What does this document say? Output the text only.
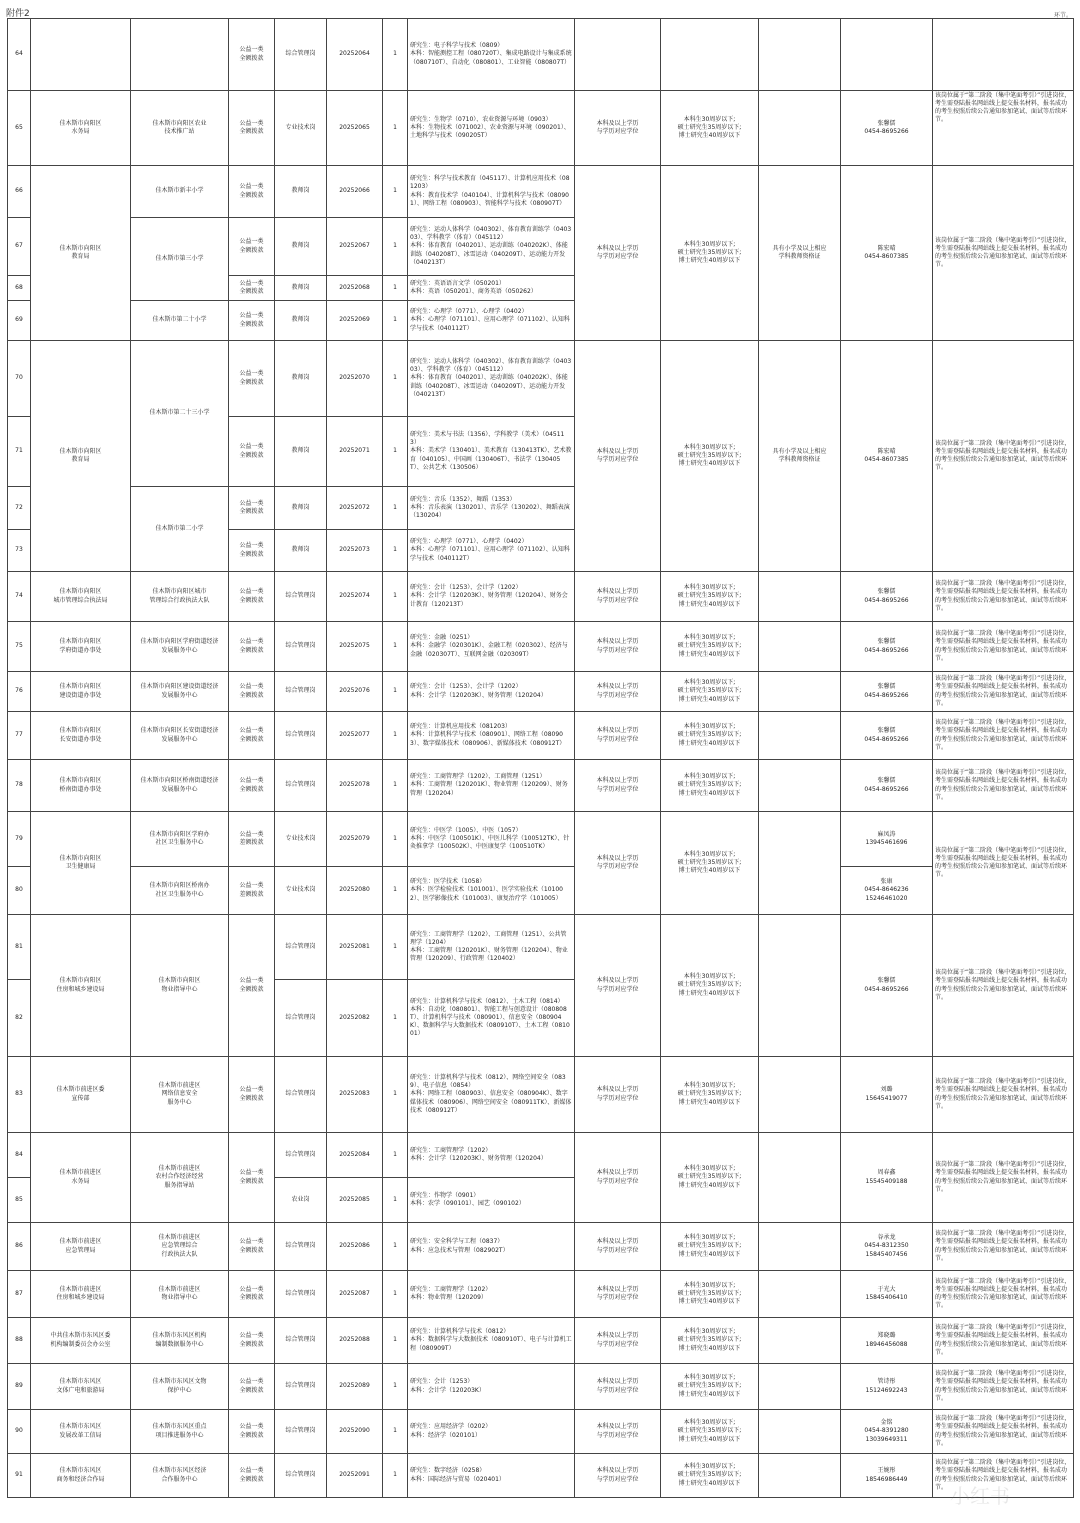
附件2	环节。
64			公益一类
全额拨款	综合管理岗	20252064	1	研究生：电子科学与技术（0809）
本科：智能测控工程（080720T）、集成电路设计与集成系统（080710T）、自动化（080801）、工业智能（080807T）					
65	佳木斯市向阳区
水务局	佳木斯市向阳区农业
技术推广站	公益一类
全额拨款	专业技术岗	20252065	1	研究生：生物学（0710）、农业资源与环境（0903）
本科：生物技术（071002）、农业资源与环境（090201）、土地科学与技术（090205T）	本科及以上学历
与学历对应学位	本科生30周岁以下;
硕士研究生35周岁以下;
博士研究生40周岁以下		张馨儒
0454-8695266	该岗位属于“第二阶段（集中笔面考引）”引进岗位，考生需登陆报名网站线上提交报名材料，报名成功的考生按照后续公告通知参加笔试、面试等后续环节。
66	佳木斯市向阳区
教育局	佳木斯市新丰小学	公益一类
全额拨款	教师岗	20252066	1	研究生：科学与技术教育（045117）、计算机应用技术（081203）
本科：教育技术学（040104）、计算机科学与技术（080901）、网络工程（080903）、智能科学与技术（080907T）	本科及以上学历
与学历对应学位	本科生30周岁以下;
硕士研究生35周岁以下;
博士研究生40周岁以下	具有小学及以上相应
学科教师资格证	陈宏晴
0454-8607385	该岗位属于“第二阶段（集中笔面考引）”引进岗位，考生需登陆报名网站线上提交报名材料，报名成功的考生按照后续公告通知参加笔试、面试等后续环节。
67		佳木斯市第三小学	公益一类
全额拨款	教师岗	20252067	1	研究生：运动人体科学（040302）、体育教育训练学（040303）、学科教学（体育）（045112）
本科：体育教育（040201）、运动训练（040202K）、体能训练（040208T）、冰雪运动（040209T）、运动能力开发（040213T）					
68			公益一类
全额拨款	教师岗	20252068	1	研究生：英语语言文学（050201）
本科：英语（050201）、商务英语（050262）					
69		佳木斯市第二十小学	公益一类
全额拨款	教师岗	20252069	1	研究生：心理学（0771）、心理学（0402）
本科：心理学（071101）、应用心理学（071102）、认知科学与技术（040112T）					
70	佳木斯市向阳区
教育局	佳木斯市第二十三小学	公益一类
全额拨款	教师岗	20252070	1	研究生：运动人体科学（040302）、体育教育训练学（040303）、学科教学（体育）（045112）
本科：体育教育（040201）、运动训练（040202K）、体能训练（040208T）、冰雪运动（040209T）、运动能力开发（040213T）	本科及以上学历
与学历对应学位	本科生30周岁以下;
硕士研究生35周岁以下;
博士研究生40周岁以下	具有小学及以上相应
学科教师资格证	陈宏晴
0454-8607385	该岗位属于“第二阶段（集中笔面考引）”引进岗位，考生需登陆报名网站线上提交报名材料，报名成功的考生按照后续公告通知参加笔试、面试等后续环节。
71			公益一类
全额拨款	教师岗	20252071	1	研究生：美术与书法（1356）、学科教学（美术）（045113）
本科：美术学（130401）、美术教育（130413TK）、艺术教育（040105）、中国画（130406T）、书法学（130405T）、公共艺术（130506）					
72		佳木斯市第二小学	公益一类
全额拨款	教师岗	20252072	1	研究生：音乐（1352）、舞蹈（1353）
本科：音乐表演（130201）、音乐学（130202）、舞蹈表演（130204）					
73			公益一类
全额拨款	教师岗	20252073	1	研究生：心理学（0771）、心理学（0402）
本科：心理学（071101）、应用心理学（071102）、认知科学与技术（040112T）					
74	佳木斯市向阳区
城市管理综合执法局	佳木斯市向阳区城市
管理综合行政执法大队	公益一类
全额拨款	综合管理岗	20252074	1	研究生：会计（1253）、会计学（1202）
本科：会计学（120203K）、财务管理（120204）、财务会计教育（120213T）	本科及以上学历
与学历对应学位	本科生30周岁以下;
硕士研究生35周岁以下;
博士研究生40周岁以下		张馨儒
0454-8695266	该岗位属于“第二阶段（集中笔面考引）”引进岗位，考生需登陆报名网站线上提交报名材料，报名成功的考生按照后续公告通知参加笔试、面试等后续环节。
75	佳木斯市向阳区
学府街道办事处	佳木斯市向阳区学府街道经济
发展服务中心	公益一类
全额拨款	综合管理岗	20252075	1	研究生：金融（0251）
本科：金融学（020301K）、金融工程（020302）、经济与金融（020307T）、互联网金融（020309T）	本科及以上学历
与学历对应学位	本科生30周岁以下;
硕士研究生35周岁以下;
博士研究生40周岁以下		张馨儒
0454-8695266	该岗位属于“第二阶段（集中笔面考引）”引进岗位，考生需登陆报名网站线上提交报名材料，报名成功的考生按照后续公告通知参加笔试、面试等后续环节。
76	佳木斯市向阳区
建设街道办事处	佳木斯市向阳区建设街道经济
发展服务中心	公益一类
全额拨款	综合管理岗	20252076	1	研究生：会计（1253）、会计学（1202）
本科：会计学（120203K）、财务管理（120204）	本科及以上学历
与学历对应学位	本科生30周岁以下;
硕士研究生35周岁以下;
博士研究生40周岁以下		张馨儒
0454-8695266	该岗位属于“第二阶段（集中笔面考引）”引进岗位，考生需登陆报名网站线上提交报名材料，报名成功的考生按照后续公告通知参加笔试、面试等后续环节。
77	佳木斯市向阳区
长安街道办事处	佳木斯市向阳区长安街道经济
发展服务中心	公益一类
全额拨款	综合管理岗	20252077	1	研究生：计算机应用技术（081203）
本科：计算机科学与技术（080901）、网络工程（080903）、数字媒体技术（080906）、新媒体技术（080912T）	本科及以上学历
与学历对应学位	本科生30周岁以下;
硕士研究生35周岁以下;
博士研究生40周岁以下		张馨儒
0454-8695266	该岗位属于“第二阶段（集中笔面考引）”引进岗位，考生需登陆报名网站线上提交报名材料，报名成功的考生按照后续公告通知参加笔试、面试等后续环节。
78	佳木斯市向阳区
桥南街道办事处	佳木斯市向阳区桥南街道经济
发展服务中心	公益一类
全额拨款	综合管理岗	20252078	1	研究生：工商管理学（1202）、工商管理（1251）
本科：工商管理（120201K）、物业管理（120209）、财务管理（120204）	本科及以上学历
与学历对应学位	本科生30周岁以下;
硕士研究生35周岁以下;
博士研究生40周岁以下		张馨儒
0454-8695266	该岗位属于“第二阶段（集中笔面考引）”引进岗位，考生需登陆报名网站线上提交报名材料，报名成功的考生按照后续公告通知参加笔试、面试等后续环节。
79	佳木斯市向阳区
卫生健康局	佳木斯市向阳区学府办
社区卫生服务中心	公益一类
差额拨款	专业技术岗	20252079	1	研究生：中医学（1005）、中医（1057）
本科：中医学（100501K）、中医儿科学（100512TK）、针灸推拿学（100502K）、中医康复学（100510TK）	本科及以上学历
与学历对应学位	本科生30周岁以下;
硕士研究生35周岁以下;
博士研究生40周岁以下		麻凤涛
13945461696	该岗位属于“第二阶段（集中笔面考引）”引进岗位，考生需登陆报名网站线上提交报名材料，报名成功的考生按照后续公告通知参加笔试、面试等后续环节。
80		佳木斯市向阳区桥南办
社区卫生服务中心	公益一类
差额拨款	专业技术岗	20252080	1	研究生：医学技术（1058）
本科：医学检验技术（101001）、医学实验技术（101002）、医学影像技术（101003）、康复治疗学（101005）				张康
0454-8646236
15246461020	
81	佳木斯市向阳区
住房和城乡建设局	佳木斯市向阳区
物业指导中心	公益一类
全额拨款	综合管理岗	20252081	1	研究生：工商管理学（1202）、工商管理（1251）、公共管理学（1204）
本科：工商管理（120201K）、财务管理（120204）、物业管理（120209）、行政管理（120402）	本科及以上学历
与学历对应学位	本科生30周岁以下;
硕士研究生35周岁以下;
博士研究生40周岁以下		张馨儒
0454-8695266	该岗位属于“第二阶段（集中笔面考引）”引进岗位，考生需登陆报名网站线上提交报名材料，报名成功的考生按照后续公告通知参加笔试、面试等后续环节。
82				综合管理岗	20252082	1	研究生：计算机科学与技术（0812）、土木工程（0814）
本科：自动化（080801）、智能工程与创意设计（080808T）、计算机科学与技术（080901）、信息安全（080904K）、数据科学与大数据技术（080910T）、土木工程（081001）					
83	佳木斯市前进区委
宣传部	佳木斯市前进区
网络信息安全
服务中心	公益一类
全额拨款	综合管理岗	20252083	1	研究生：计算机科学与技术（0812）、网络空间安全（0839）、电子信息（0854）
本科：网络工程（080903）、信息安全（080904K）、数字媒体技术（080906）、网络空间安全（080911TK）、新媒体技术（080912T）	本科及以上学历
与学历对应学位	本科生30周岁以下;
硕士研究生35周岁以下;
博士研究生40周岁以下		刘璐
15645419077	该岗位属于“第二阶段（集中笔面考引）”引进岗位，考生需登陆报名网站线上提交报名材料，报名成功的考生按照后续公告通知参加笔试、面试等后续环节。
84	佳木斯市前进区
水务局	佳木斯市前进区
农村合作经济经营
服务指导站	公益一类
全额拨款	综合管理岗	20252084	1	研究生：工商管理学（1202）
本科：会计学（120203K）、财务管理（120204）	本科及以上学历
与学历对应学位	本科生30周岁以下;
硕士研究生35周岁以下;
博士研究生40周岁以下		周春鑫
15545409188	该岗位属于“第二阶段（集中笔面考引）”引进岗位，考生需登陆报名网站线上提交报名材料，报名成功的考生按照后续公告通知参加笔试、面试等后续环节。
85				农业岗	20252085	1	研究生：作物学（0901）
本科：农学（090101）、园艺（090102）					
86	佳木斯市前进区
应急管理局	佳木斯市前进区
应急管理综合
行政执法大队	公益一类
全额拨款	综合管理岗	20252086	1	研究生：安全科学与工程（0837）
本科：应急技术与管理（082902T）	本科及以上学历
与学历对应学位	本科生30周岁以下;
硕士研究生35周岁以下;
博士研究生40周岁以下		谷承龙
0454-8312350
15845407456	该岗位属于“第二阶段（集中笔面考引）”引进岗位，考生需登陆报名网站线上提交报名材料，报名成功的考生按照后续公告通知参加笔试、面试等后续环节。
87	佳木斯市前进区
住房和城乡建设局	佳木斯市前进区
物业指导中心	公益一类
全额拨款	综合管理岗	20252087	1	研究生：工商管理学（1202）
本科：物业管理（120209）	本科及以上学历
与学历对应学位	本科生30周岁以下;
硕士研究生35周岁以下;
博士研究生40周岁以下		于光大
15845406410	该岗位属于“第二阶段（集中笔面考引）”引进岗位，考生需登陆报名网站线上提交报名材料，报名成功的考生按照后续公告通知参加笔试、面试等后续环节。
88	中共佳木斯市东风区委
机构编制委员会办公室	佳木斯市东风区机构
编制数据服务中心	公益一类
全额拨款	综合管理岗	20252088	1	研究生：计算机科学与技术（0812）
本科：数据科学与大数据技术（080910T）、电子与计算机工程（080909T）	本科及以上学历
与学历对应学位	本科生30周岁以下;
硕士研究生35周岁以下;
博士研究生40周岁以下		郑晓璐
18946456088	该岗位属于“第二阶段（集中笔面考引）”引进岗位，考生需登陆报名网站线上提交报名材料，报名成功的考生按照后续公告通知参加笔试、面试等后续环节。
89	佳木斯市东风区
文体广电和旅游局	佳木斯市东风区文物
保护中心	公益一类
全额拨款	综合管理岗	20252089	1	研究生：会计（1253）
本科：会计学（120203K）	本科及以上学历
与学历对应学位	本科生30周岁以下;
硕士研究生35周岁以下;
博士研究生40周岁以下		管诗彤
15124692243	该岗位属于“第二阶段（集中笔面考引）”引进岗位，考生需登陆报名网站线上提交报名材料，报名成功的考生按照后续公告通知参加笔试、面试等后续环节。
90	佳木斯市东风区
发展改革工信局	佳木斯市东风区重点
项目推进服务中心	公益一类
全额拨款	综合管理岗	20252090	1	研究生：应用经济学（0202）
本科：经济学（020101）	本科及以上学历
与学历对应学位	本科生30周岁以下;
硕士研究生35周岁以下;
博士研究生40周岁以下		金铭
0454-8391280
13039649311	该岗位属于“第二阶段（集中笔面考引）”引进岗位，考生需登陆报名网站线上提交报名材料，报名成功的考生按照后续公告通知参加笔试、面试等后续环节。
91	佳木斯市东风区
商务和经济合作局	佳木斯市东风区经济
合作服务中心	公益一类
全额拨款	综合管理岗	20252091	1	研究生：数字经济（0258）
本科：国际经济与贸易（020401）	本科及以上学历
与学历对应学位	本科生30周岁以下;
硕士研究生35周岁以下;
博士研究生40周岁以下		王婉彤
18546986449	该岗位属于“第二阶段（集中笔面考引）”引进岗位，考生需登陆报名网站线上提交报名材料，报名成功的考生按照后续公告通知参加笔试、面试等后续环节。 小红书
